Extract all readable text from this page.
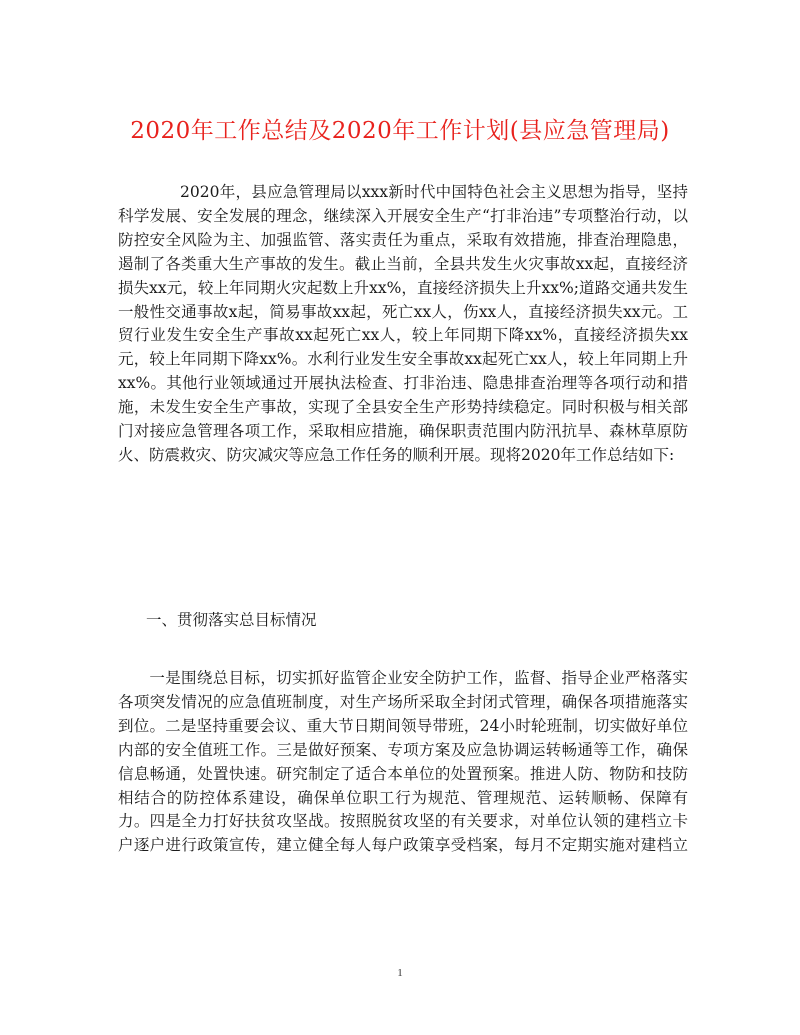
2020年工作总结及2020年工作计划(县应急管理局)
2020年，县应急管理局以xxx新时代中国特色社会主义思想为指导，坚持科学发展、安全发展的理念，继续深入开展安全生产“打非治违”专项整治行动，以防控安全风险为主、加强监管、落实责任为重点，采取有效措施，排查治理隐患，遏制了各类重大生产事故的发生。截止当前，全县共发生火灾事故xx起，直接经济损失xx元，较上年同期火灾起数上升xx%，直接经济损失上升xx%;道路交通共发生一般性交通事故x起，简易事故xx起，死亡xx人，伤xx人，直接经济损失xx元。工贸行业发生安全生产事故xx起死亡xx人，较上年同期下降xx%，直接经济损失xx元，较上年同期下降xx%。水利行业发生安全事故xx起死亡xx人，较上年同期上升xx%。其他行业领域通过开展执法检查、打非治违、隐患排查治理等各项行动和措施，未发生安全生产事故，实现了全县安全生产形势持续稳定。同时积极与相关部门对接应急管理各项工作，采取相应措施，确保职责范围内防汛抗旱、森林草原防火、防震救灾、防灾减灾等应急工作任务的顺利开展。现将2020年工作总结如下:
一、贯彻落实总目标情况
一是围绕总目标，切实抓好监管企业安全防护工作，监督、指导企业严格落实各项突发情况的应急值班制度，对生产场所采取全封闭式管理，确保各项措施落实到位。二是坚持重要会议、重大节日期间领导带班，24小时轮班制，切实做好单位内部的安全值班工作。三是做好预案、专项方案及应急协调运转畅通等工作，确保信息畅通，处置快速。研究制定了适合本单位的处置预案。推进人防、物防和技防相结合的防控体系建设，确保单位职工行为规范、管理规范、运转顺畅、保障有力。四是全力打好扶贫攻坚战。按照脱贫攻坚的有关要求，对单位认领的建档立卡户逐户进行政策宣传，建立健全每人每户政策享受档案，每月不定期实施对建档立
1
